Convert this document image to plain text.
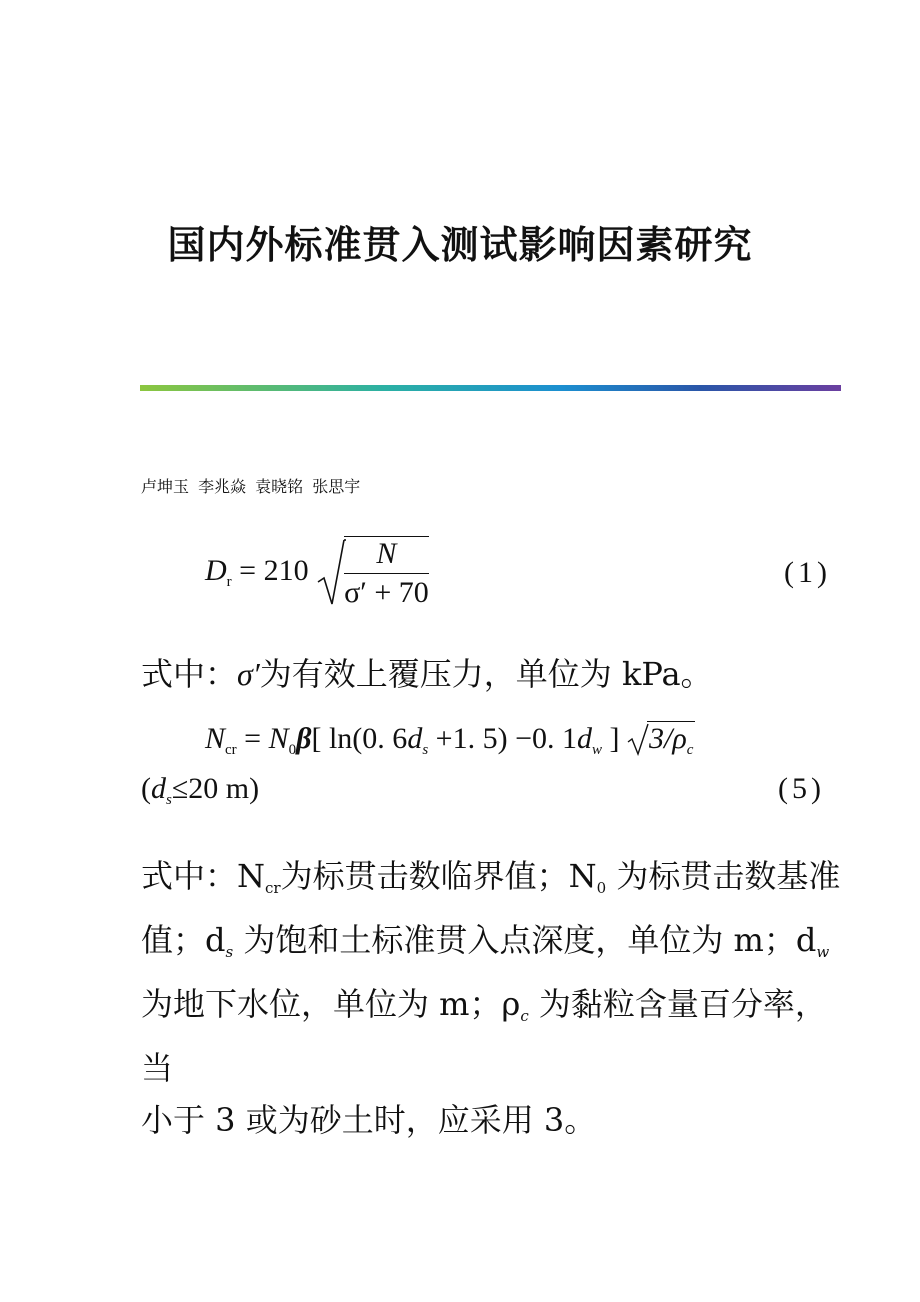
国内外标准贯入测试影响因素研究
卢坤玉 李兆焱 袁晓铭 张思宇
$D_r = 210 \frac{N}{\sigma' + 70}$	(1)
式中：σ′为有效上覆压力，单位为 kPa。
$N_{cr} = N_0\beta$[ ln(0. $6d_s +1$. 5) −0. $1d_w$ ] $3/\rho_c$
($d_s\le 20$ m)	(5)
式中：$N_{cr}$为标贯击数临界值；$N_0$ 为标贯击数基准
值；$d_s$ 为饱和土标准贯入点深度，单位为 m；$d_w$
为地下水位，单位为 m；$\rho_c$ 为黏粒含量百分率，当
小于 3 或为砂土时，应采用 3。
